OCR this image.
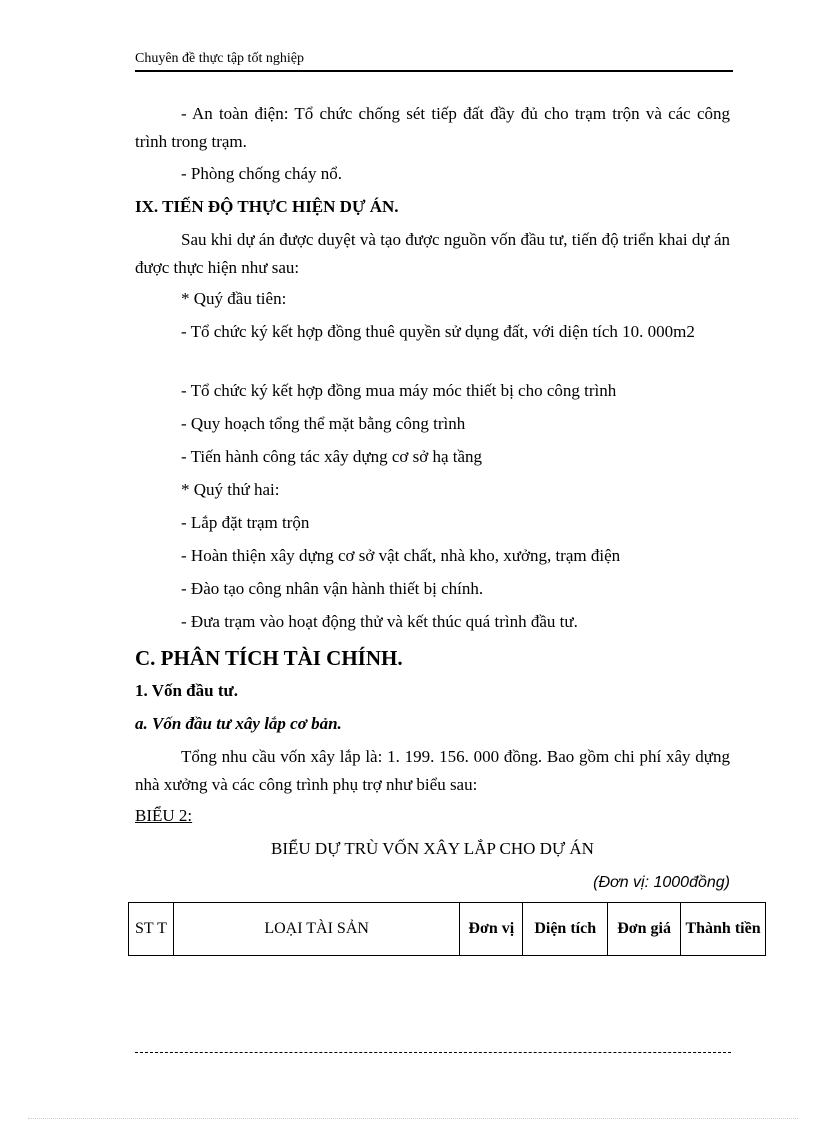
Chuyên đề thực tập tốt nghiệp

- An toàn điện: Tổ chức chống sét tiếp đất đầy đủ cho trạm trộn và các công trình trong trạm.

- Phòng chống cháy nổ.

IX. TIẾN ĐỘ THỰC HIỆN DỰ ÁN.

Sau khi dự án được duyệt và tạo được nguồn vốn đầu tư, tiến độ triển khai dự án được thực hiện như sau:

* Quý đầu tiên:

- Tổ chức ký kết hợp đồng thuê quyền sử dụng đất, với diện tích 10. 000m2

- Tổ chức ký kết hợp đồng mua máy móc thiết bị cho công trình

- Quy hoạch tổng thể mặt bằng công trình

- Tiến hành công tác xây dựng cơ sở hạ tầng

* Quý thứ hai:

- Lắp đặt trạm trộn

- Hoàn thiện xây dựng cơ sở vật chất, nhà kho, xưởng, trạm điện

- Đào tạo công nhân vận hành thiết bị chính.

- Đưa trạm vào hoạt động thử và kết thúc quá trình đầu tư.

C. PHÂN TÍCH TÀI CHÍNH.

1. Vốn đầu tư.

a. Vốn đầu tư xây lắp cơ bản.

Tổng nhu cầu vốn xây lắp là: 1. 199. 156. 000 đồng. Bao gồm chi phí xây dựng nhà xưởng và các công trình phụ trợ như biểu sau:

BIỂU 2:

BIỂU DỰ TRÙ VỐN XÂY LẮP CHO DỰ ÁN

(Đơn vị: 1000đồng)

ST T	LOẠI TÀI SẢN	Đơn vị	Diện tích	Đơn giá	Thành tiền
